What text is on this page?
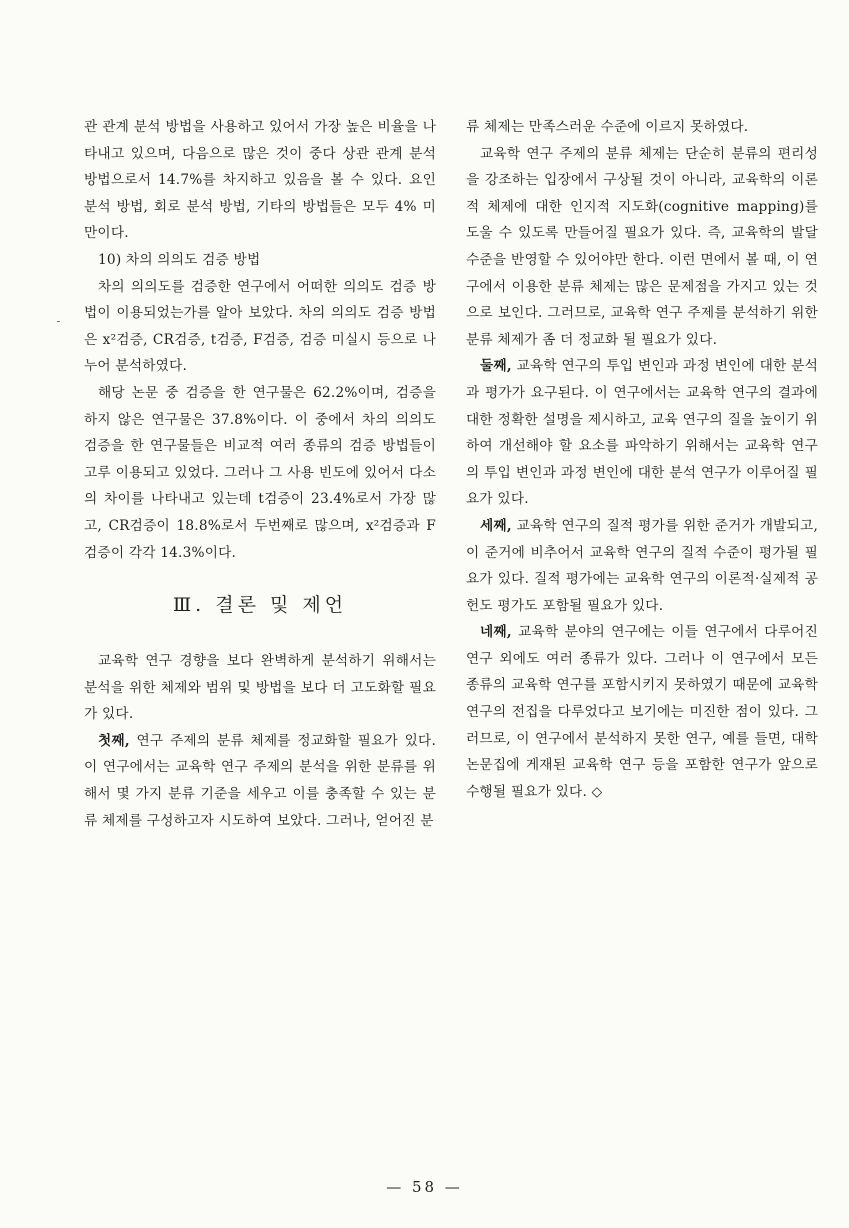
관 관계 분석 방법을 사용하고 있어서 가장 높은 비율을 나타내고 있으며, 다음으로 많은 것이 중다 상관 관계 분석 방법으로서 14.7%를 차지하고 있음을 볼 수 있다. 요인 분석 방법, 회로 분석 방법, 기타의 방법들은 모두 4% 미만이다.

10) 차의 의의도 검증 방법

차의 의의도를 검증한 연구에서 어떠한 의의도 검증 방법이 이용되었는가를 알아 보았다. 차의 의의도 검증 방법은 x²검증, CR검증, t검증, F검증, 검증 미실시 등으로 나누어 분석하였다.

해당 논문 중 검증을 한 연구물은 62.2%이며, 검증을 하지 않은 연구물은 37.8%이다. 이 중에서 차의 의의도 검증을 한 연구물들은 비교적 여러 종류의 검증 방법들이 고루 이용되고 있었다. 그러나 그 사용 빈도에 있어서 다소의 차이를 나타내고 있는데 t검증이 23.4%로서 가장 많고, CR검증이 18.8%로서 두번째로 많으며, x²검증과 F검증이 각각 14.3%이다.

Ⅲ. 결론 및 제언

교육학 연구 경향을 보다 완벽하게 분석하기 위해서는 분석을 위한 체제와 범위 및 방법을 보다 더 고도화할 필요가 있다.

첫째, 연구 주제의 분류 체제를 정교화할 필요가 있다. 이 연구에서는 교육학 연구 주제의 분석을 위한 분류를 위해서 몇 가지 분류 기준을 세우고 이를 충족할 수 있는 분류 체제를 구성하고자 시도하여 보았다. 그러나, 얻어진 분

류 체제는 만족스러운 수준에 이르지 못하였다.

교육학 연구 주제의 분류 체제는 단순히 분류의 편리성을 강조하는 입장에서 구상될 것이 아니라, 교육학의 이론적 체제에 대한 인지적 지도화(cognitive mapping)를 도울 수 있도록 만들어질 필요가 있다. 즉, 교육학의 발달 수준을 반영할 수 있어야만 한다. 이런 면에서 볼 때, 이 연구에서 이용한 분류 체제는 많은 문제점을 가지고 있는 것으로 보인다. 그러므로, 교육학 연구 주제를 분석하기 위한 분류 체제가 좀 더 정교화 될 필요가 있다.

둘째, 교육학 연구의 투입 변인과 과정 변인에 대한 분석과 평가가 요구된다. 이 연구에서는 교육학 연구의 결과에 대한 정확한 설명을 제시하고, 교육 연구의 질을 높이기 위하여 개선해야 할 요소를 파악하기 위해서는 교육학 연구의 투입 변인과 과정 변인에 대한 분석 연구가 이루어질 필요가 있다.

세째, 교육학 연구의 질적 평가를 위한 준거가 개발되고, 이 준거에 비추어서 교육학 연구의 질적 수준이 평가될 필요가 있다. 질적 평가에는 교육학 연구의 이론적·실제적 공헌도 평가도 포함될 필요가 있다.

네째, 교육학 분야의 연구에는 이들 연구에서 다루어진 연구 외에도 여러 종류가 있다. 그러나 이 연구에서 모든 종류의 교육학 연구를 포함시키지 못하였기 때문에 교육학 연구의 전집을 다루었다고 보기에는 미진한 점이 있다. 그러므로, 이 연구에서 분석하지 못한 연구, 예를 들면, 대학 논문집에 게재된 교육학 연구 등을 포함한 연구가 앞으로 수행될 필요가 있다. ◇

— 58 —
